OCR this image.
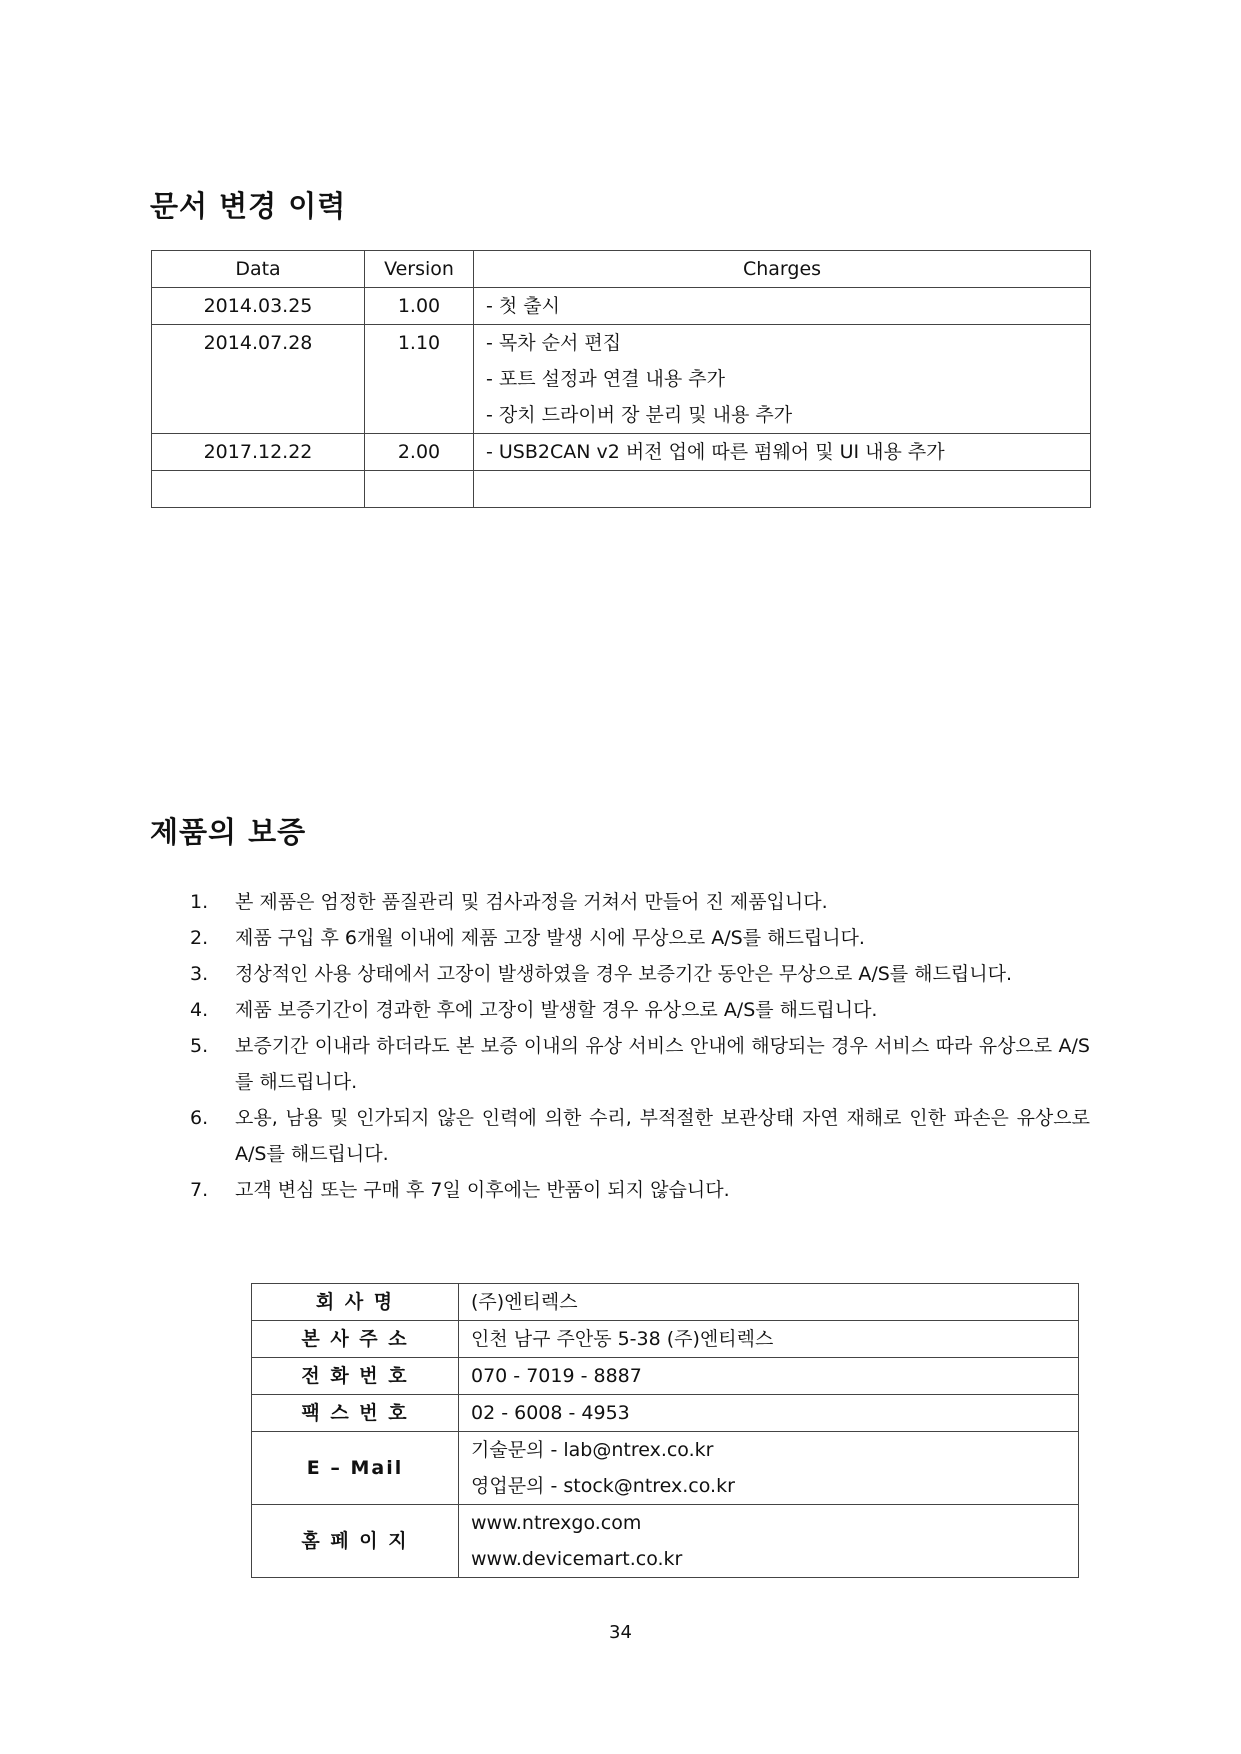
문서 변경 이력
Data	Version	Charges
2014.03.25	1.00	- 첫 출시

2014.07.28	1.10	- 목차 순서 편집
- 포트 설정과 연결 내용 추가
- 장치 드라이버 장 분리 및 내용 추가

2017.12.22	2.00	- USB2CAN v2 버전 업에 따른 펌웨어 및 UI 내용 추가

제품의 보증
1. 본 제품은 엄정한 품질관리 및 검사과정을 거쳐서 만들어 진 제품입니다.
2. 제품 구입 후 6개월 이내에 제품 고장 발생 시에 무상으로 A/S를 해드립니다.
3. 정상적인 사용 상태에서 고장이 발생하였을 경우 보증기간 동안은 무상으로 A/S를 해드립니다.
4. 제품 보증기간이 경과한 후에 고장이 발생할 경우 유상으로 A/S를 해드립니다.
5. 보증기간 이내라 하더라도 본 보증 이내의 유상 서비스 안내에 해당되는 경우 서비스 따라 유상으로 A/S를 해드립니다.
6. 오용, 남용 및 인가되지 않은 인력에 의한 수리, 부적절한 보관상태 자연 재해로 인한 파손은 유상으로 A/S를 해드립니다.
7. 고객 변심 또는 구매 후 7일 이후에는 반품이 되지 않습니다.
회 사 명	(주)엔티렉스
본 사 주 소	인천 남구 주안동 5-38 (주)엔티렉스
전 화 번 호	070 - 7019 - 8887
팩 스 번 호	02 - 6008 - 4953
E – Mail	기술문의 - lab@ntrex.co.kr
영업문의 - stock@ntrex.co.kr

홈 페 이 지	www.ntrexgo.com
www.devicemart.co.kr
34
